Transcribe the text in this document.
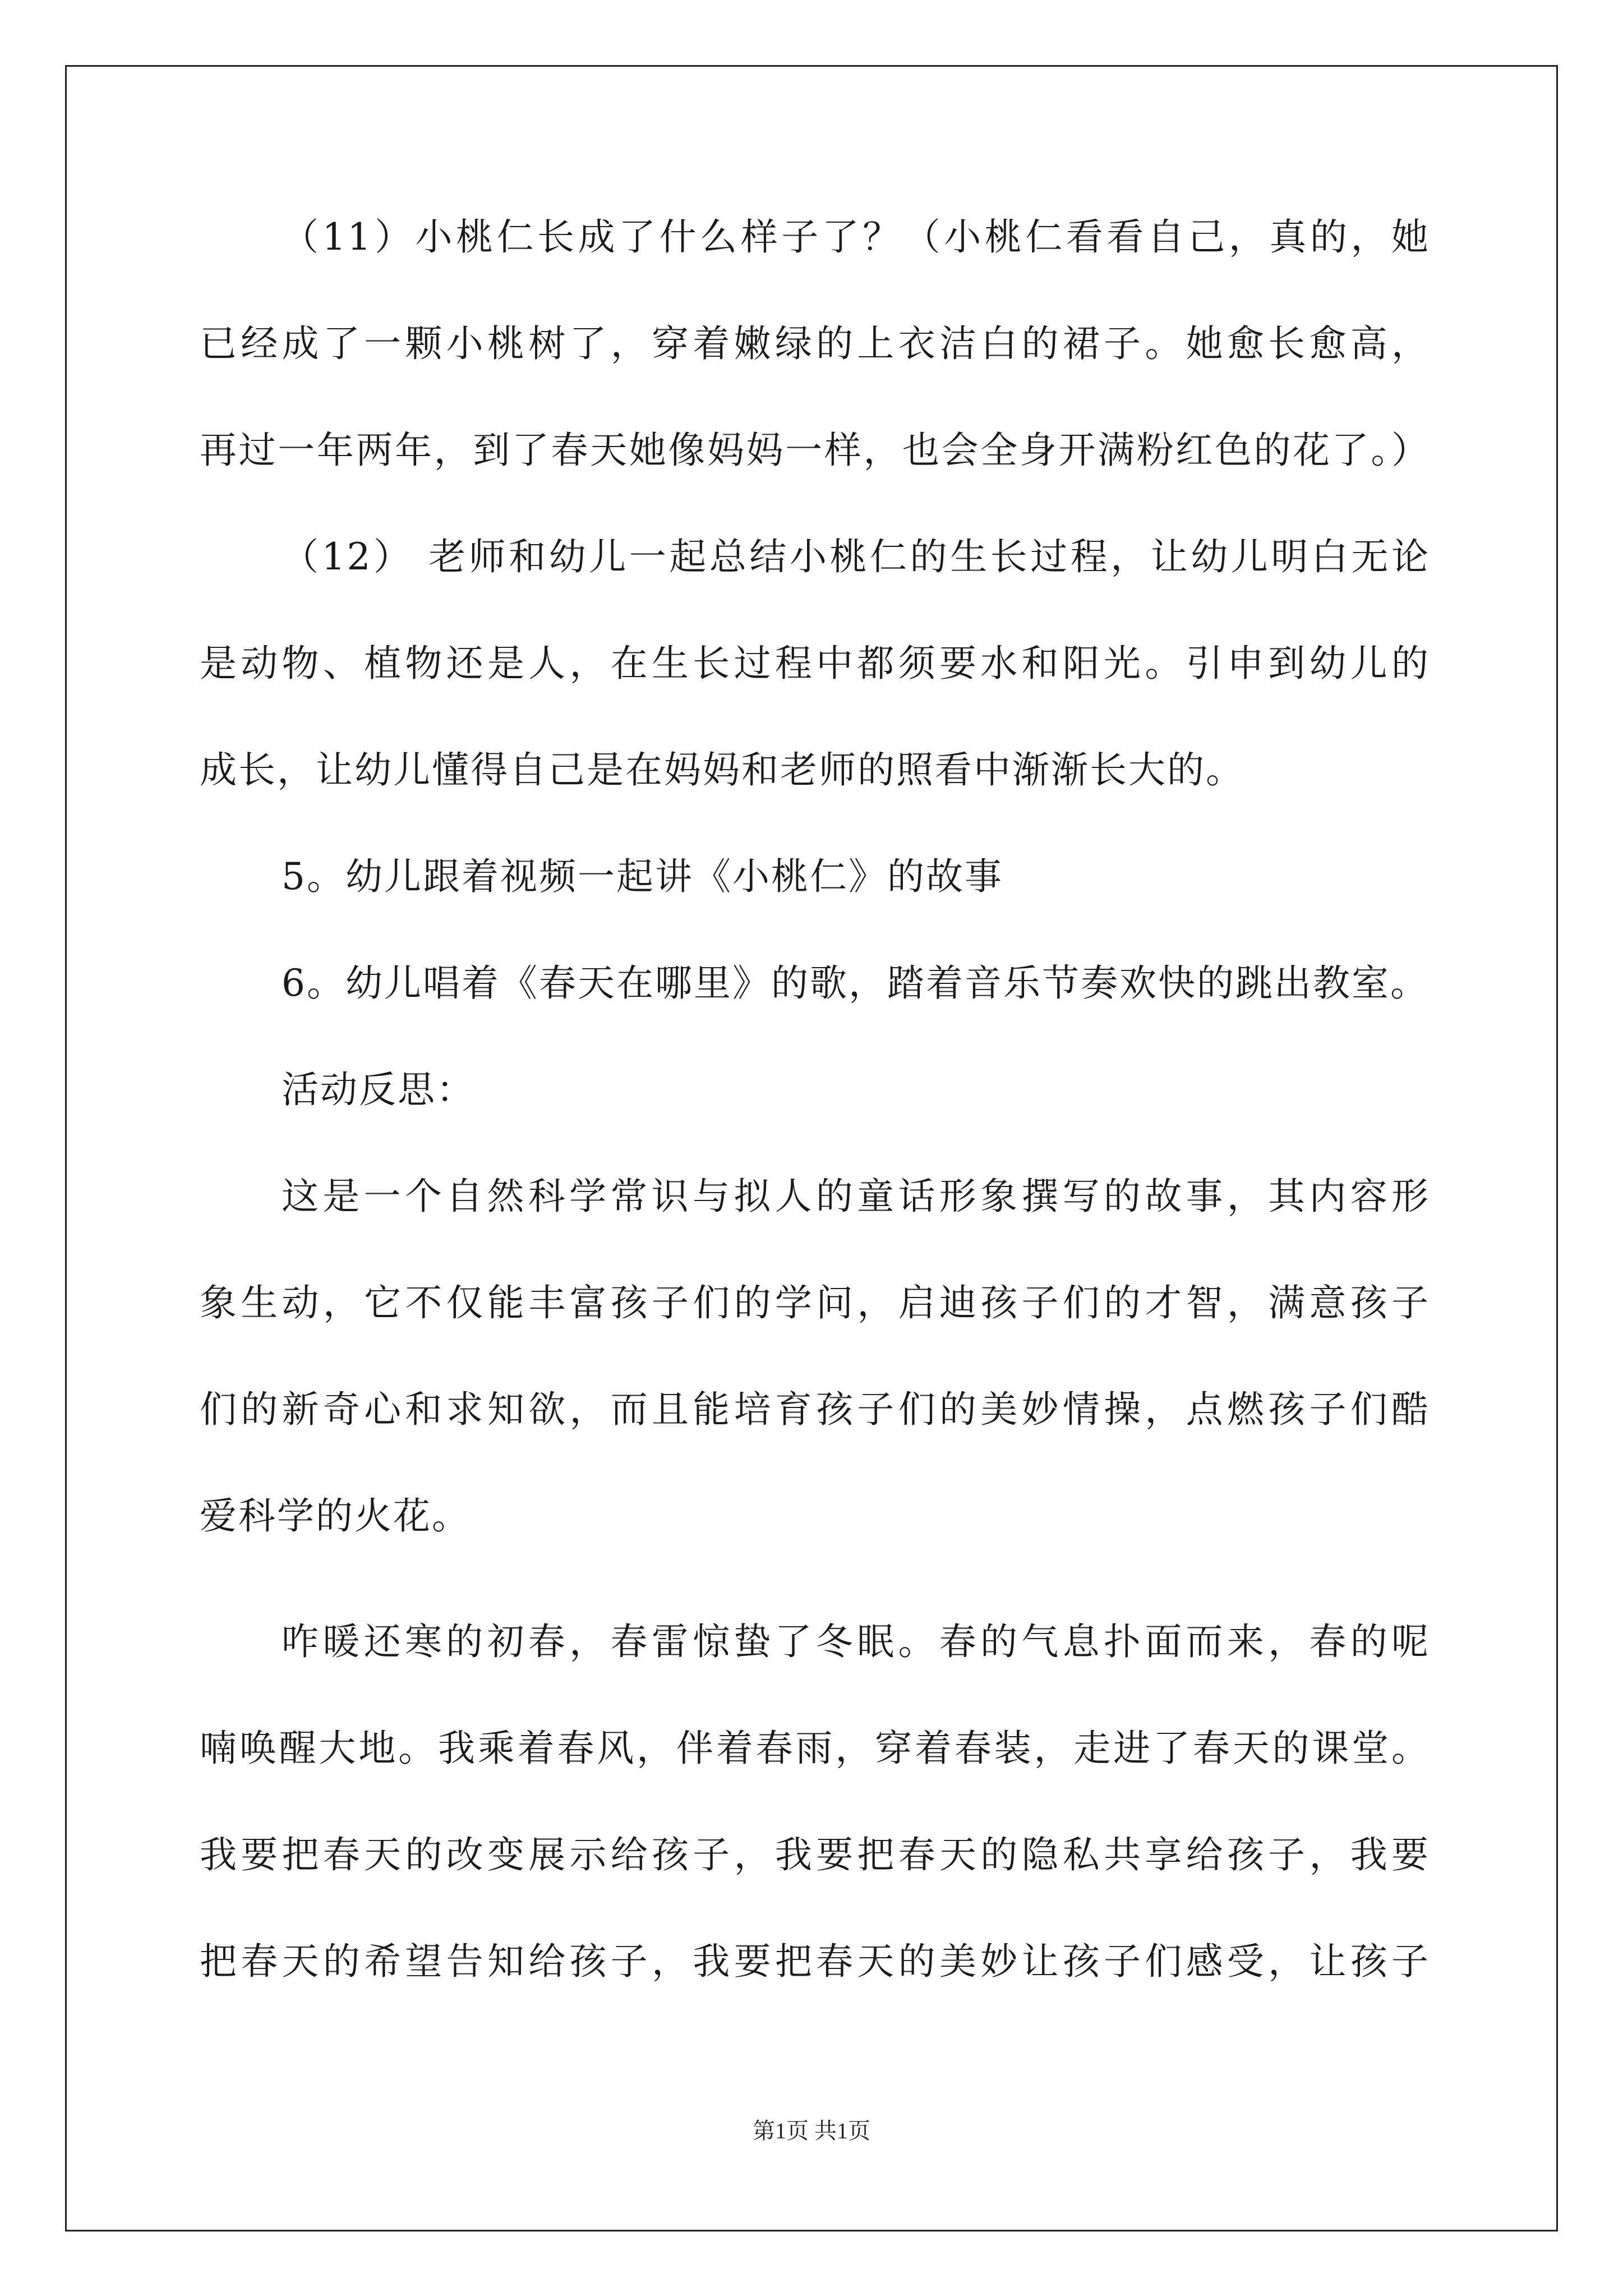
（11）小桃仁长成了什么样子了？（小桃仁看看自己，真的，她
已经成了一颗小桃树了，穿着嫩绿的上衣洁白的裙子。她愈长愈高，
再过一年两年，到了春天她像妈妈一样，也会全身开满粉红色的花了。）
（12） 老师和幼儿一起总结小桃仁的生长过程，让幼儿明白无论
是动物、植物还是人，在生长过程中都须要水和阳光。引申到幼儿的
成长，让幼儿懂得自己是在妈妈和老师的照看中渐渐长大的。
5。幼儿跟着视频一起讲《小桃仁》的故事
6。幼儿唱着《春天在哪里》的歌，踏着音乐节奏欢快的跳出教室。
活动反思：
这是一个自然科学常识与拟人的童话形象撰写的故事，其内容形
象生动，它不仅能丰富孩子们的学问，启迪孩子们的才智，满意孩子
们的新奇心和求知欲，而且能培育孩子们的美妙情操，点燃孩子们酷
爱科学的火花。
咋暖还寒的初春，春雷惊蛰了冬眠。春的气息扑面而来，春的呢
喃唤醒大地。我乘着春风，伴着春雨，穿着春装，走进了春天的课堂。
我要把春天的改变展示给孩子，我要把春天的隐私共享给孩子，我要
把春天的希望告知给孩子，我要把春天的美妙让孩子们感受，让孩子
第1页 共1页
